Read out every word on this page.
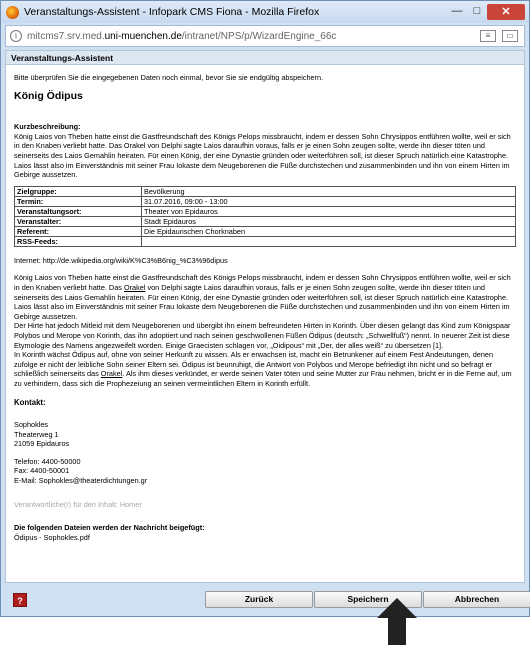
Veranstaltungs-Assistent - Infopark CMS Fiona - Mozilla Firefox	—	□	✕
i mitcms7.srv.med.uni-muenchen.de/intranet/NPS/p/WizardEngine_66c	≡	▭
Veranstaltungs-Assistent
Bitte überprüfen Sie die eingegebenen Daten noch einmal, bevor Sie sie endgültig abspeichern.
König Ödipus
Kurzbeschreibung:
König Laios von Theben hatte einst die Gastfreundschaft des Königs Pelops missbraucht, indem er dessen Sohn Chrysippos entführen wollte, weil er sich in den Knaben verliebt hatte. Das Orakel von Delphi sagte Laios daraufhin voraus, falls er je einen Sohn zeugen sollte, werde ihn dieser töten und seinerseits des Laios Gemahlin heiraten. Für einen König, der eine Dynastie gründen oder weiterführen soll, ist dieser Spruch natürlich eine Katastrophe. Laios lässt also im Einverständnis mit seiner Frau Iokaste dem Neugeborenen die Füße durchstechen und zusammenbinden und ihn von einem Hirten im Gebirge aussetzen.
Zielgruppe:	Bevölkerung
Termin:	31.07.2016, 09:00 - 13:00
Veranstaltungsort:	Theater von Epidauros
Veranstalter:	Stadt Epidauros
Referent:	Die Epidaurischen Chorknaben
RSS-Feeds:	
Internet: http://de.wikipedia.org/wiki/K%C3%B6nig_%C3%96dipus
König Laios von Theben hatte einst die Gastfreundschaft des Königs Pelops missbraucht, indem er dessen Sohn Chrysippos entführen wollte, weil er sich in den Knaben verliebt hatte. Das Orakel von Delphi sagte Laios daraufhin voraus, falls er je einen Sohn zeugen sollte, werde ihn dieser töten und seinerseits des Laios Gemahlin heiraten. Für einen König, der eine Dynastie gründen oder weiterführen soll, ist dieser Spruch natürlich eine Katastrophe. Laios lässt also im Einverständnis mit seiner Frau Iokaste dem Neugeborenen die Füße durchstechen und zusammenbinden und ihn von einem Hirten im Gebirge aussetzen.
Der Hirte hat jedoch Mitleid mit dem Neugeborenen und übergibt ihn einem befreundeten Hirten in Korinth. Über diesen gelangt das Kind zum Königspaar Polybos und Merope von Korinth, das ihn adoptiert und nach seinen geschwollenen Füßen Ödipus (deutsch: „Schwellfuß“) nennt. In neuerer Zeit ist diese Etymologie des Namens angezweifelt worden. Einige Graecisten schlagen vor, „Oidipous“ mit „Der, der alles weiß“ zu übersetzen [1].
In Korinth wächst Ödipus auf, ohne von seiner Herkunft zu wissen. Als er erwachsen ist, macht ein Betrunkener auf einem Fest Andeutungen, denen zufolge er nicht der leibliche Sohn seiner Eltern sei. Ödipus ist beunruhigt, die Antwort von Polybos und Merope befriedigt ihn nicht und so befragt er schließlich seinerseits das Orakel. Als ihm dieses verkündet, er werde seinen Vater töten und seine Mutter zur Frau nehmen, bricht er in die Ferne auf, um zu verhindern, dass sich die Prophezeiung an seinen vermeintlichen Eltern in Korinth erfüllt.
Kontakt:
Sophokles
Theaterweg 1
21059 Epidauros
Telefon: 4400-50000
Fax: 4400-50001
E-Mail: Sophokles@theaterdichtungen.gr
Verantwortliche(r) für den Inhalt: Homer
Die folgenden Dateien werden der Nachricht beigefügt:
Ödipus - Sophokles.pdf
?	Zurück	Speichern	Abbrechen
